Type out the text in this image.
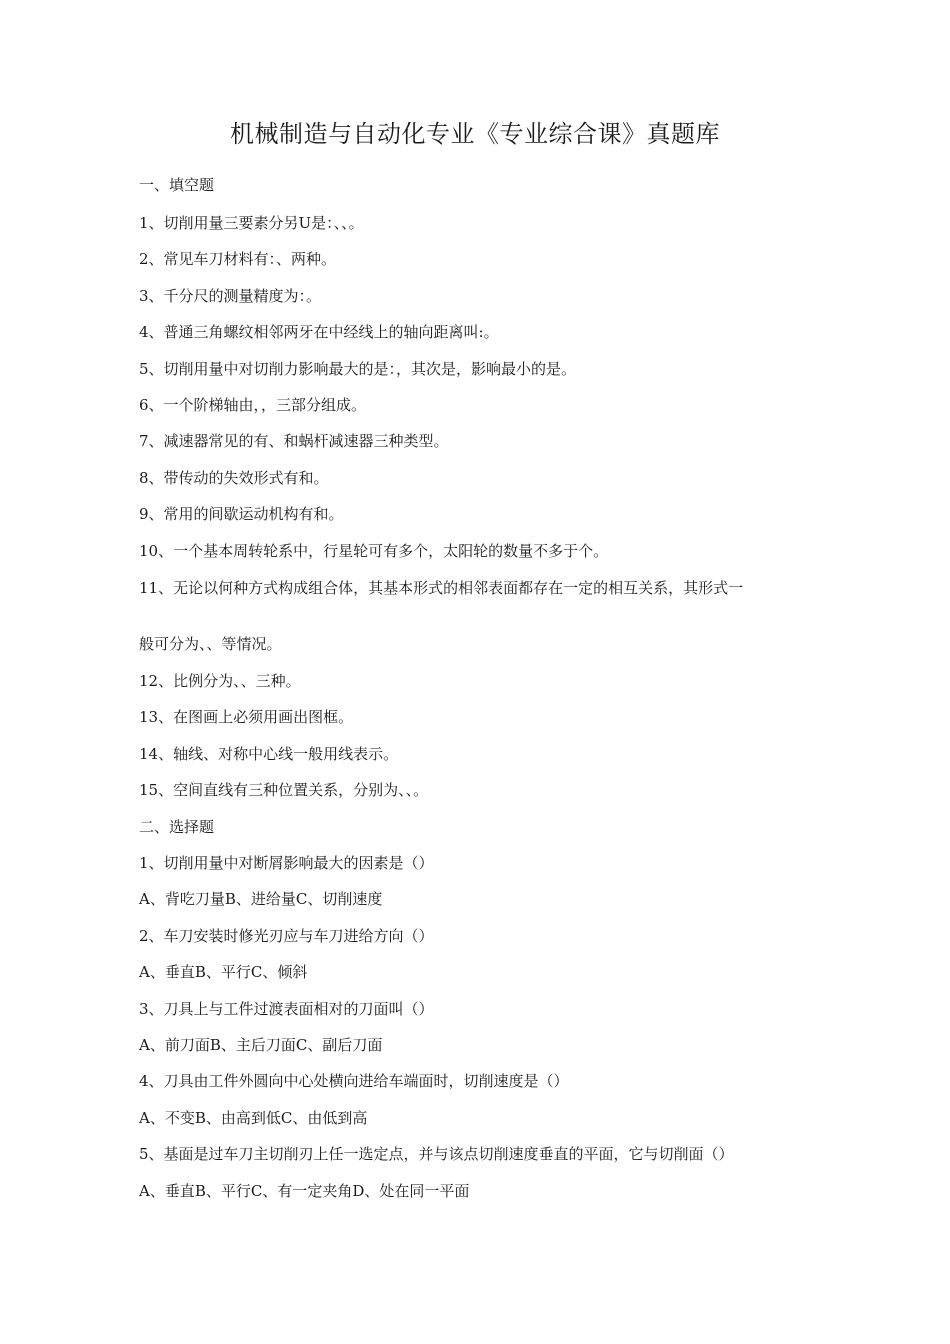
机械制造与自动化专业《专业综合课》真题库
一、填空题
1、切削用量三要素分另U是：、、。
2、常见车刀材料有：、两种。
3、千分尺的测量精度为：。
4、普通三角螺纹相邻两牙在中经线上的轴向距离叫:。
5、切削用量中对切削力影响最大的是：，其次是，影响最小的是。
6、一个阶梯轴由，，三部分组成。
7、减速器常见的有、和蜗杆减速器三种类型。
8、带传动的失效形式有和。
9、常用的间歇运动机构有和。
10、一个基本周转轮系中，行星轮可有多个，太阳轮的数量不多于个。
11、无论以何种方式构成组合体，其基本形式的相邻表面都存在一定的相互关系，其形式一
般可分为、、等情况。
12、比例分为、、三种。
13、在图画上必须用画出图框。
14、轴线、对称中心线一般用线表示。
15、空间直线有三种位置关系，分别为、、。
二、选择题
1、切削用量中对断屑影响最大的因素是（）
A、背吃刀量B、进给量C、切削速度
2、车刀安装时修光刃应与车刀进给方向（）
A、垂直B、平行C、倾斜
3、刀具上与工件过渡表面相对的刀面叫（）
A、前刀面B、主后刀面C、副后刀面
4、刀具由工件外圆向中心处横向进给车端面时，切削速度是（）
A、不变B、由高到低C、由低到高
5、基面是过车刀主切削刃上任一选定点，并与该点切削速度垂直的平面，它与切削面（）
A、垂直B、平行C、有一定夹角D、处在同一平面
